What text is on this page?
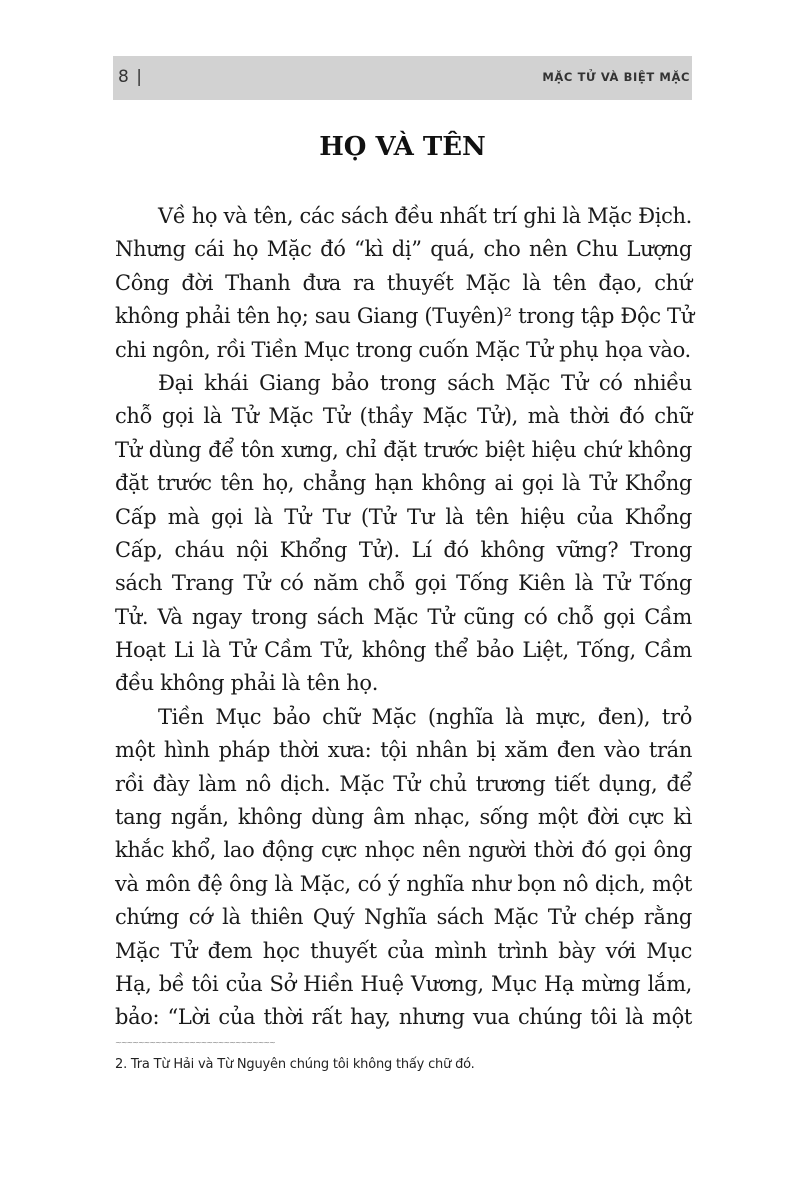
8 |	MẶC TỬ VÀ BIỆT MẶC
HỌ VÀ TÊN
Về họ và tên, các sách đều nhất trí ghi là Mặc Địch.
Nhưng cái họ Mặc đó “kì dị” quá, cho nên Chu Lượng
Công đời Thanh đưa ra thuyết Mặc là tên đạo, chứ
không phải tên họ; sau Giang (Tuyên)² trong tập Độc Tử
chi ngôn, rồi Tiền Mục trong cuốn Mặc Tử phụ họa vào.
Đại khái Giang bảo trong sách Mặc Tử có nhiều
chỗ gọi là Tử Mặc Tử (thầy Mặc Tử), mà thời đó chữ
Tử dùng để tôn xưng, chỉ đặt trước biệt hiệu chứ không
đặt trước tên họ, chẳng hạn không ai gọi là Tử Khổng
Cấp mà gọi là Tử Tư (Tử Tư là tên hiệu của Khổng
Cấp, cháu nội Khổng Tử). Lí đó không vững? Trong
sách Trang Tử có năm chỗ gọi Tống Kiên là Tử Tống
Tử. Và ngay trong sách Mặc Tử cũng có chỗ gọi Cầm
Hoạt Li là Tử Cầm Tử, không thể bảo Liệt, Tống, Cầm
đều không phải là tên họ.
Tiền Mục bảo chữ Mặc (nghĩa là mực, đen), trỏ
một hình pháp thời xưa: tội nhân bị xăm đen vào trán
rồi đày làm nô dịch. Mặc Tử chủ trương tiết dụng, để
tang ngắn, không dùng âm nhạc, sống một đời cực kì
khắc khổ, lao động cực nhọc nên người thời đó gọi ông
và môn đệ ông là Mặc, có ý nghĩa như bọn nô dịch, một
chứng cớ là thiên Quý Nghĩa sách Mặc Tử chép rằng
Mặc Tử đem học thuyết của mình trình bày với Mục
Hạ, bề tôi của Sở Hiền Huệ Vương, Mục Hạ mừng lắm,
bảo: “Lời của thời rất hay, nhưng vua chúng tôi là một
~~~~~~~~~~~~~~~~~~~~~~~~~~~~
2. Tra Từ Hải và Từ Nguyên chúng tôi không thấy chữ đó.
